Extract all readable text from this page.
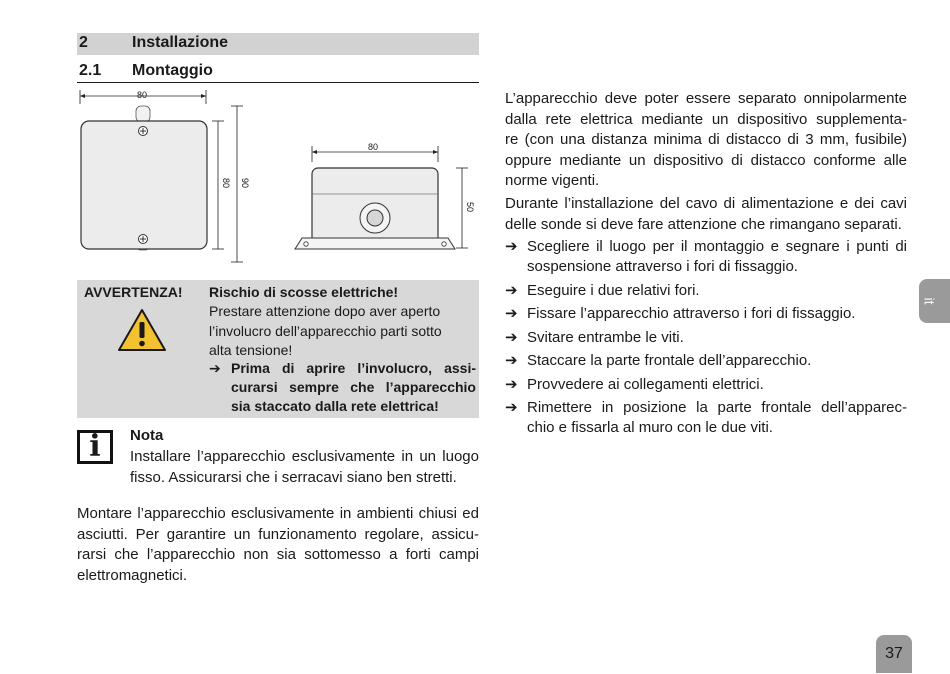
2	Installazione
2.1 Montaggio
80
80 90
80
50
AVVERTENZA! Rischio di scosse elettriche!
Prestare attenzione dopo aver aperto
l’involucro dell’apparecchio parti sotto
alta tensione!
➔ Prima di aprire l’involucro, assi-
curarsi sempre che l’apparecchio
sia staccato dalla rete elettrica!
i	Nota
Installare l’apparecchio esclusivamente in un luogo
fisso. Assicurarsi che i serracavi siano ben stretti.

Montare l’apparecchio esclusivamente in ambienti chiusi ed

asciutti. Per garantire un funzionamento regolare, assicu-

rarsi che l’apparecchio non sia sottomesso a forti campi

elettromagnetici.

L’apparecchio deve poter essere separato onnipolarmente

dalla rete elettrica mediante un dispositivo supplementa-

re (con una distanza minima di distacco di 3 mm, fusibile)

oppure mediante un dispositivo di distacco conforme alle

norme vigenti.

Durante l’installazione del cavo di alimentazione e dei cavi

delle sonde si deve fare attenzione che rimangano separati.

➔ Scegliere il luogo per il montaggio e segnare i punti di
sospensione attraverso i fori di fissaggio.
➔ Eseguire i due relativi fori.
➔ Fissare l’apparecchio attraverso i fori di fissaggio.
➔ Svitare entrambe le viti.
➔ Staccare la parte frontale dell’apparecchio.
➔ Provvedere ai collegamenti elettrici.
➔ Rimettere in posizione la parte frontale dell’apparec-
chio e fissarla al muro con le due viti.
it
37
